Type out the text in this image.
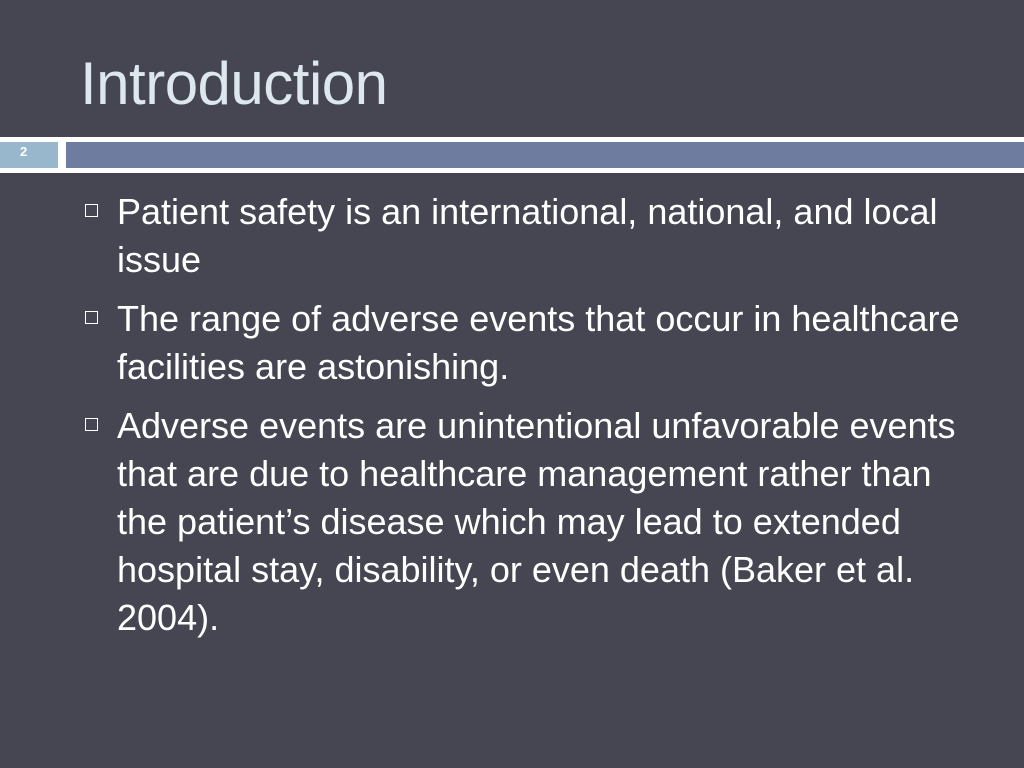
Introduction
2
Patient safety is an international, national, and local issue
The range of adverse events that occur in healthcare facilities are astonishing.
Adverse events are unintentional unfavorable events that are due to healthcare management rather than the patient’s disease which may lead to extended hospital stay, disability, or even death (Baker et al. 2004).
